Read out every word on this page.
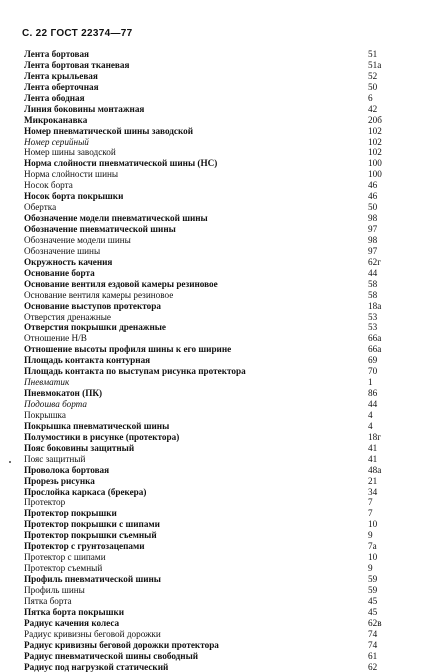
С. 22 ГОСТ 22374—77
Лента бортовая	51
Лента бортовая тканевая	51а
Лента крыльевая	52
Лента оберточная	50
Лента ободная	6
Линия боковины монтажная	42
Микроканавка	20б
Номер пневматической шины заводской	102
Номер серийный	102
Номер шины заводской	102
Норма слойности пневматической шины (НС)	100
Норма слойности шины	100
Носок борта	46
Носок борта покрышки	46
Обертка	50
Обозначение модели пневматической шины	98
Обозначение пневматической шины	97
Обозначение модели шины	98
Обозначение шины	97
Окружность качения	62г
Основание борта	44
Основание вентиля ездовой камеры резиновое	58
Основание вентиля камеры резиновое	58
Основание выступов протектора	18а
Отверстия дренажные	53
Отверстия покрышки дренажные	53
Отношение H/B	66а
Отношение высоты профиля шины к его ширине	66а
Площадь контакта контурная	69
Площадь контакта по выступам рисунка протектора	70
Пневматик	1
Пневмокатон (ПК)	86
Подошва борта	44
Покрышка	4
Покрышка пневматической шины	4
Полумостики в рисунке (протектора)	18г
Пояс боковины защитный	41
Пояс защитный	41
Проволока бортовая	48а
Прорезь рисунка	21
Прослойка каркаса (брекера)	34
Протектор	7
Протектор покрышки	7
Протектор покрышки с шипами	10
Протектор покрышки съемный	9
Протектор с грунтозацепами	7а
Протектор с шипами	10
Протектор съемный	9
Профиль пневматической шины	59
Профиль шины	59
Пятка борта	45
Пятка борта покрышки	45
Радиус качения колеса	62в
Радиус кривизны беговой дорожки	74
Радиус кривизны беговой дорожки протектора	74
Радиус пневматической шины свободный	61
Радиус под нагрузкой статический	62
